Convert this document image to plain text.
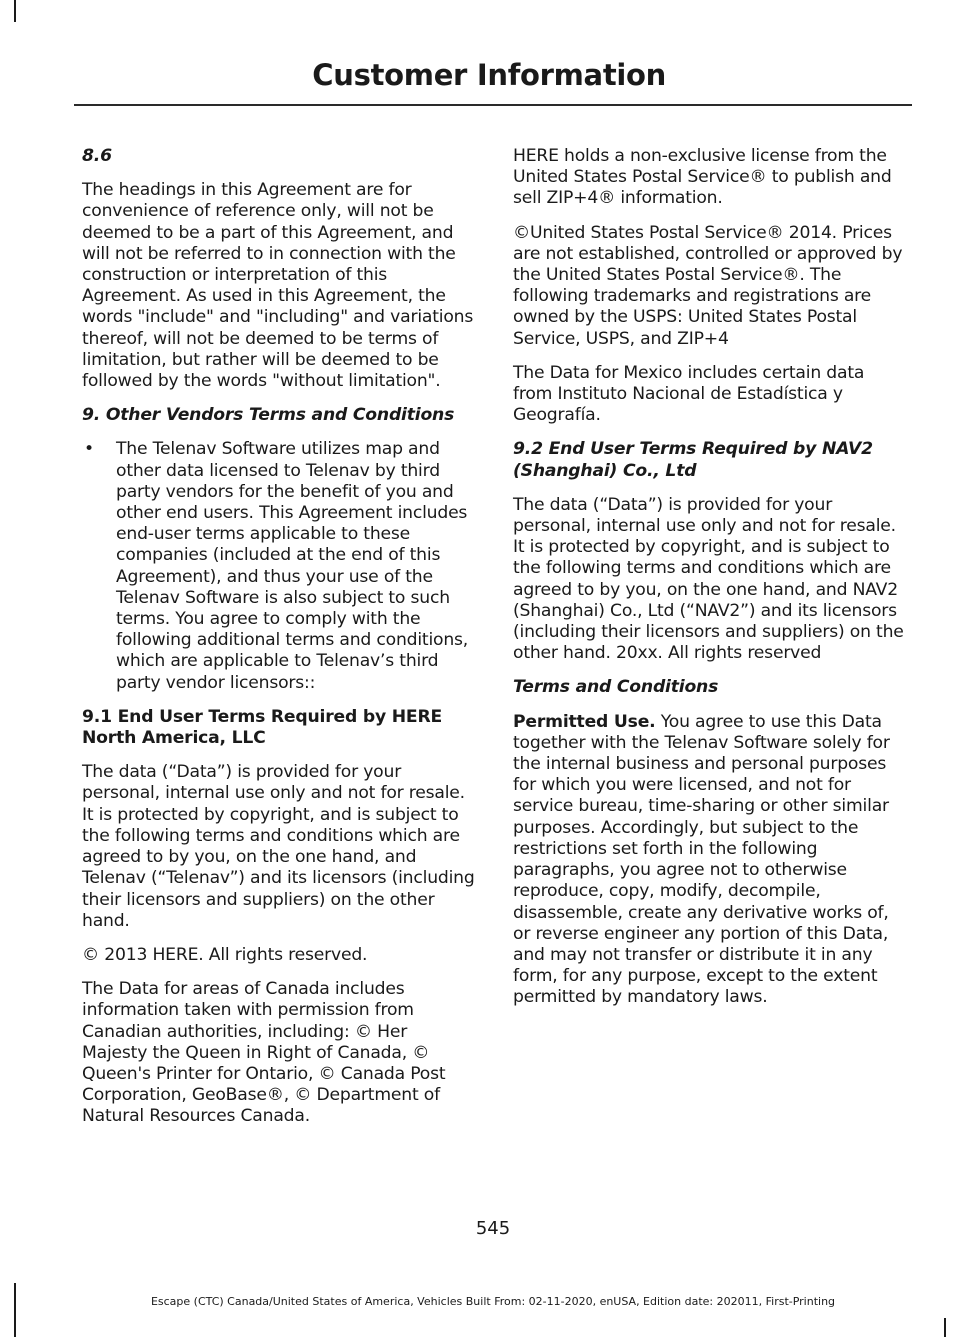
Customer Information

8.6

The headings in this Agreement are for convenience of reference only, will not be deemed to be a part of this Agreement, and will not be referred to in connection with the construction or interpretation of this Agreement. As used in this Agreement, the words "include" and "including" and variations thereof, will not be deemed to be terms of limitation, but rather will be deemed to be followed by the words "without limitation".

9. Other Vendors Terms and Conditions

• The Telenav Software utilizes map and other data licensed to Telenav by third party vendors for the benefit of you and other end users. This Agreement includes end-user terms applicable to these companies (included at the end of this Agreement), and thus your use of the Telenav Software is also subject to such terms. You agree to comply with the following additional terms and conditions, which are applicable to Telenav’s third party vendor licensors::

9.1 End User Terms Required by HERE North America, LLC

The data (“Data”) is provided for your personal, internal use only and not for resale. It is protected by copyright, and is subject to the following terms and conditions which are agreed to by you, on the one hand, and Telenav (“Telenav”) and its licensors (including their licensors and suppliers) on the other hand.

© 2013 HERE. All rights reserved.

The Data for areas of Canada includes information taken with permission from Canadian authorities, including: © Her Majesty the Queen in Right of Canada, © Queen's Printer for Ontario, © Canada Post Corporation, GeoBase®, © Department of Natural Resources Canada.

HERE holds a non-exclusive license from the United States Postal Service® to publish and sell ZIP+4® information.

©United States Postal Service® 2014. Prices are not established, controlled or approved by the United States Postal Service®. The following trademarks and registrations are owned by the USPS: United States Postal Service, USPS, and ZIP+4

The Data for Mexico includes certain data from Instituto Nacional de Estadística y Geografía.

9.2 End User Terms Required by NAV2 (Shanghai) Co., Ltd

The data (“Data”) is provided for your personal, internal use only and not for resale. It is protected by copyright, and is subject to the following terms and conditions which are agreed to by you, on the one hand, and NAV2 (Shanghai) Co., Ltd (“NAV2”) and its licensors (including their licensors and suppliers) on the other hand. 20xx. All rights reserved

Terms and Conditions

Permitted Use. You agree to use this Data together with the Telenav Software solely for the internal business and personal purposes for which you were licensed, and not for service bureau, time-sharing or other similar purposes. Accordingly, but subject to the restrictions set forth in the following paragraphs, you agree not to otherwise reproduce, copy, modify, decompile, disassemble, create any derivative works of, or reverse engineer any portion of this Data, and may not transfer or distribute it in any form, for any purpose, except to the extent permitted by mandatory laws.

545
Escape (CTC) Canada/United States of America, Vehicles Built From: 02-11-2020, enUSA, Edition date: 202011, First-Printing
